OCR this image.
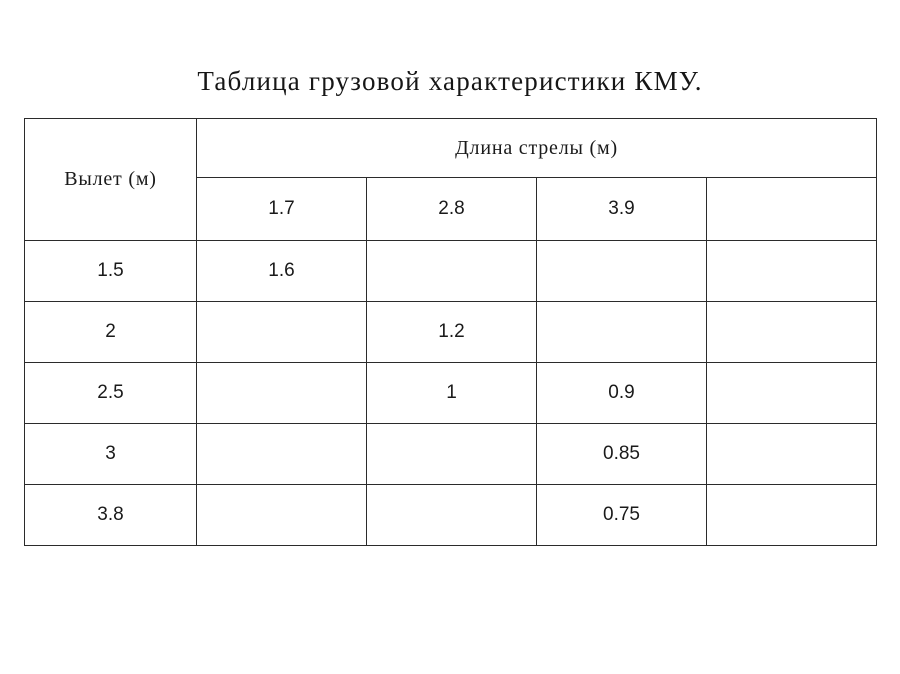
Таблица грузовой характеристики КМУ.
Вылет (м)	Длина стрелы (м)			
	1.7	2.8	3.9	
1.5	1.6			
2		1.2		
2.5		1	0.9	
3			0.85	
3.8			0.75	
